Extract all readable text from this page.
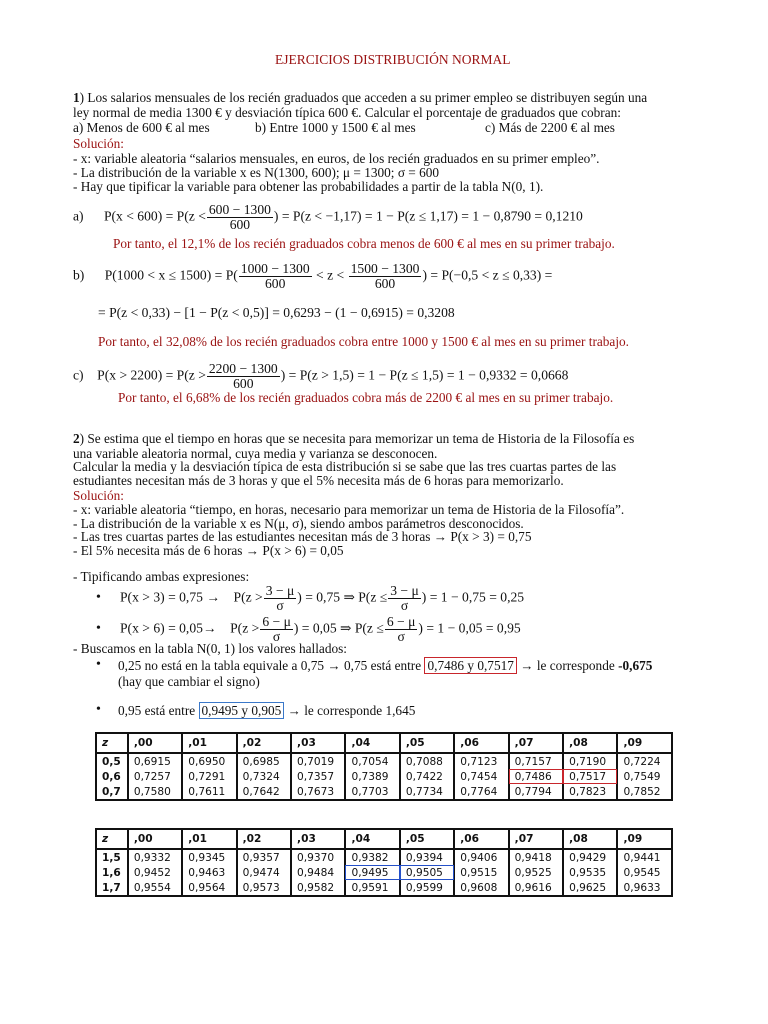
EJERCICIOS DISTRIBUCIÓN NORMAL
1) Los salarios mensuales de los recién graduados que acceden a su primer empleo se distribuyen según una
ley normal de media 1300 € y desviación típica 600 €. Calcular el porcentaje de graduados que cobran:
a) Menos de 600 € al mes	b) Entre 1000 y 1500 € al mes	c) Más de 2200 € al mes
Solución:
- x: variable aleatoria “salarios mensuales, en euros, de los recién graduados en su primer empleo”.
- La distribución de la variable x es N(1300, 600); μ = 1300; σ = 600
- Hay que tipificar la variable para obtener las probabilidades a partir de la tabla N(0, 1).
a) $P(x < 600) = P(z < \frac{600 - 1300}{600}$ ) = P(z < −1,17) = 1 − P(z ≤ 1,17) = 1 − 0,8790 = 0,1210
Por tanto, el 12,1% de los recién graduados cobra menos de 600 € al mes en su primer trabajo.
b) $P(1000 < x \le 1500) = P( \frac{1000 - 1300}{600} < z < \frac{1500 - 1300}{600}$ ) = P(−0,5 < z ≤ 0,33) =
= P(z < 0,33) − [1 − P(z < 0,5)] = 0,6293 − (1 − 0,6915) = 0,3208
Por tanto, el 32,08% de los recién graduados cobra entre 1000 y 1500 € al mes en su primer trabajo.
c) $P(x > 2200) = P(z > \frac{2200 - 1300}{600}$ ) = P(z > 1,5) = 1 − P(z ≤ 1,5) = 1 − 0,9332 = 0,0668
Por tanto, el 6,68% de los recién graduados cobra más de 2200 € al mes en su primer trabajo.
2) Se estima que el tiempo en horas que se necesita para memorizar un tema de Historia de la Filosofía es
una variable aleatoria normal, cuya media y varianza se desconocen.
Calcular la media y la desviación típica de esta distribución si se sabe que las tres cuartas partes de las
estudiantes necesitan más de 3 horas y que el 5% necesita más de 6 horas para memorizarlo.
Solución:
- x: variable aleatoria “tiempo, en horas, necesario para memorizar un tema de Historia de la Filosofía”.
- La distribución de la variable x es N(μ, σ), siendo ambos parámetros desconocidos.
- Las tres cuartas partes de las estudiantes necesitan más de 3 horas → P(x > 3) = 0,75
- El 5% necesita más de 6 horas → P(x > 6) = 0,05
- Tipificando ambas expresiones:
• $P(x > 3) = 0,75 \to P(z > \frac{3 - \mu}{\sigma}$ ) = 0,75 ⇒ $P(z \le \frac{3 - \mu}{\sigma}$ ) = 1 − 0,75 = 0,25
• $P(x > 6) = 0,05\to P(z > \frac{6 - \mu}{\sigma}$ ) = 0,05 ⇒ $P(z \le \frac{6 - \mu}{\sigma}$ ) = 1 − 0,05 = 0,95
- Buscamos en la tabla N(0, 1) los valores hallados:
• 0,25 no está en la tabla equivale a 0,75 → 0,75 está entre 0,7486 y 0,7517 → le corresponde -0,675
(hay que cambiar el signo)
• 0,95 está entre 0,9495 y 0,905 → le corresponde 1,645
z	,00	,01	,02	,03	,04	,05	,06	,07	,08	,09
0,5	0,6915	0,6950	0,6985	0,7019	0,7054	0,7088	0,7123	0,7157	0,7190	0,7224
0,6	0,7257	0,7291	0,7324	0,7357	0,7389	0,7422	0,7454	0,7486	0,7517	0,7549
0,7	0,7580	0,7611	0,7642	0,7673	0,7703	0,7734	0,7764	0,7794	0,7823	0,7852
z	,00	,01	,02	,03	,04	,05	,06	,07	,08	,09
1,5	0,9332	0,9345	0,9357	0,9370	0,9382	0,9394	0,9406	0,9418	0,9429	0,9441
1,6	0,9452	0,9463	0,9474	0,9484	0,9495	0,9505	0,9515	0,9525	0,9535	0,9545
1,7	0,9554	0,9564	0,9573	0,9582	0,9591	0,9599	0,9608	0,9616	0,9625	0,9633
